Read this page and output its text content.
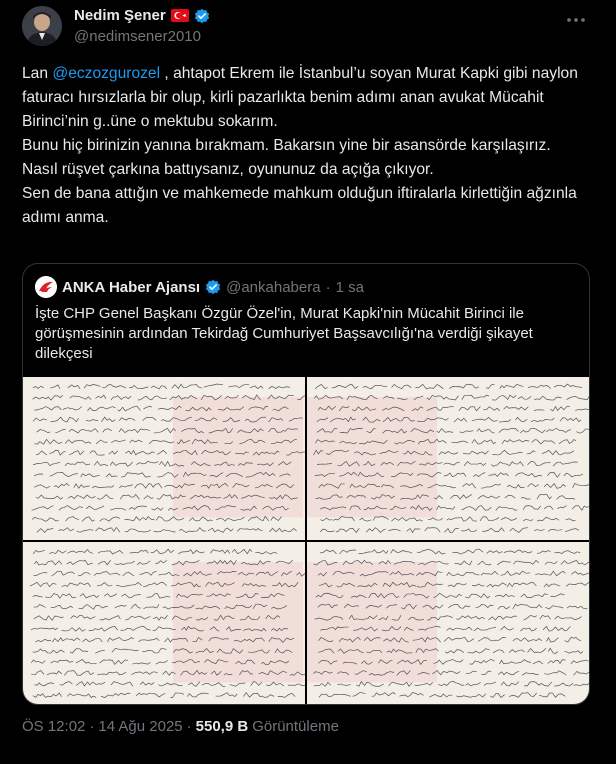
Nedim Şener
@nedimsener2010

Lan @eczozgurozel , ahtapot Ekrem ile İstanbul’u soyan Murat Kapki gibi naylon faturacı hırsızlarla bir olup, kirli pazarlıkta benim adımı anan avukat Mücahit Birinci’nin g..üne o mektubu sokarım.

Bunu hiç birinizin yanına bırakmam. Bakarsın yine bir asansörde karşılaşırız.

Nasıl rüşvet çarkına battıysanız, oyununuz da açığa çıkıyor.

Sen de bana attığın ve mahkemede mahkum olduğun iftiralarla kirlettiğin ağzınla adımı anma.

ANKA Haber Ajansı @ankahabera · 1 sa
İşte CHP Genel Başkanı Özgür Özel'in, Murat Kapki'nin Mücahit Birinci ile görüşmesinin ardından Tekirdağ Cumhuriyet Başsavcılığı'na verdiği şikayet dilekçesi
ÖS 12:02 · 14 Ağu 2025 · 550,9 B Görüntüleme
